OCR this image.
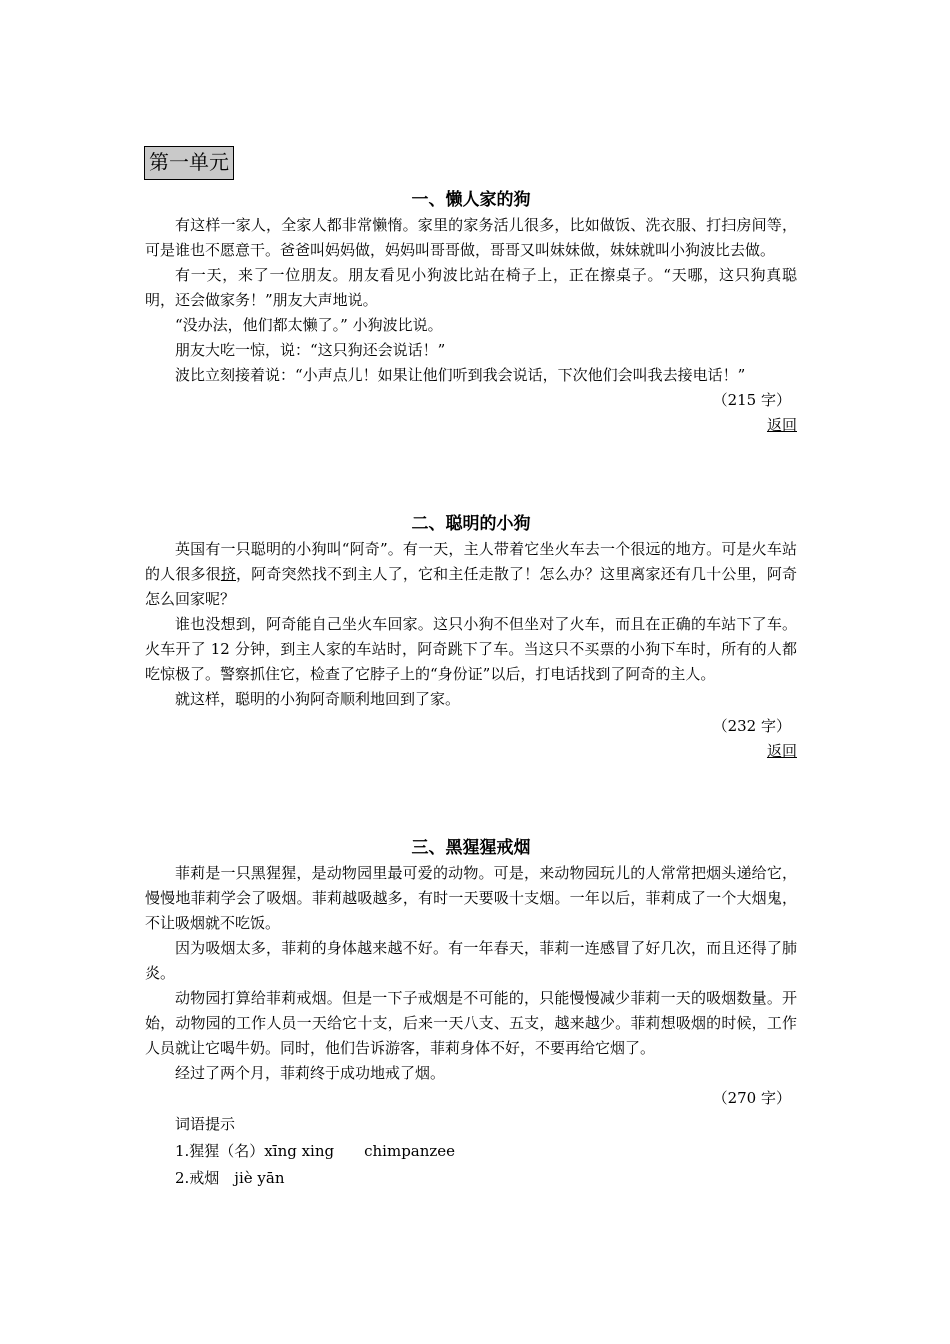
第一单元
一、懒人家的狗

有这样一家人，全家人都非常懒惰。家里的家务活儿很多，比如做饭、洗衣服、打扫房间等，可是谁也不愿意干。爸爸叫妈妈做，妈妈叫哥哥做，哥哥又叫妹妹做，妹妹就叫小狗波比去做。

有一天，来了一位朋友。朋友看见小狗波比站在椅子上，正在擦桌子。“天哪，这只狗真聪明，还会做家务！”朋友大声地说。

“没办法，他们都太懒了。” 小狗波比说。

朋友大吃一惊，说：“这只狗还会说话！”

波比立刻接着说：“小声点儿！如果让他们听到我会说话，下次他们会叫我去接电话！”

（215 字）
返回
二、聪明的小狗

英国有一只聪明的小狗叫“阿奇”。有一天，主人带着它坐火车去一个很远的地方。可是火车站的人很多很挤，阿奇突然找不到主人了，它和主任走散了！怎么办？这里离家还有几十公里，阿奇怎么回家呢？

谁也没想到，阿奇能自己坐火车回家。这只小狗不但坐对了火车，而且在正确的车站下了车。火车开了 12 分钟，到主人家的车站时，阿奇跳下了车。当这只不买票的小狗下车时，所有的人都吃惊极了。警察抓住它，检查了它脖子上的“身份证”以后，打电话找到了阿奇的主人。

就这样，聪明的小狗阿奇顺利地回到了家。

（232 字）
返回
三、黑猩猩戒烟

菲莉是一只黑猩猩，是动物园里最可爱的动物。可是，来动物园玩儿的人常常把烟头递给它，慢慢地菲莉学会了吸烟。菲莉越吸越多，有时一天要吸十支烟。一年以后，菲莉成了一个大烟鬼，不让吸烟就不吃饭。

因为吸烟太多，菲莉的身体越来越不好。有一年春天，菲莉一连感冒了好几次，而且还得了肺炎。

动物园打算给菲莉戒烟。但是一下子戒烟是不可能的，只能慢慢减少菲莉一天的吸烟数量。开始，动物园的工作人员一天给它十支，后来一天八支、五支，越来越少。菲莉想吸烟的时候，工作人员就让它喝牛奶。同时，他们告诉游客，菲莉身体不好，不要再给它烟了。

经过了两个月，菲莉终于成功地戒了烟。

（270 字）

词语提示

1.猩猩（名）xīng xing　　chimpanzee

2.戒烟　jiè yān
